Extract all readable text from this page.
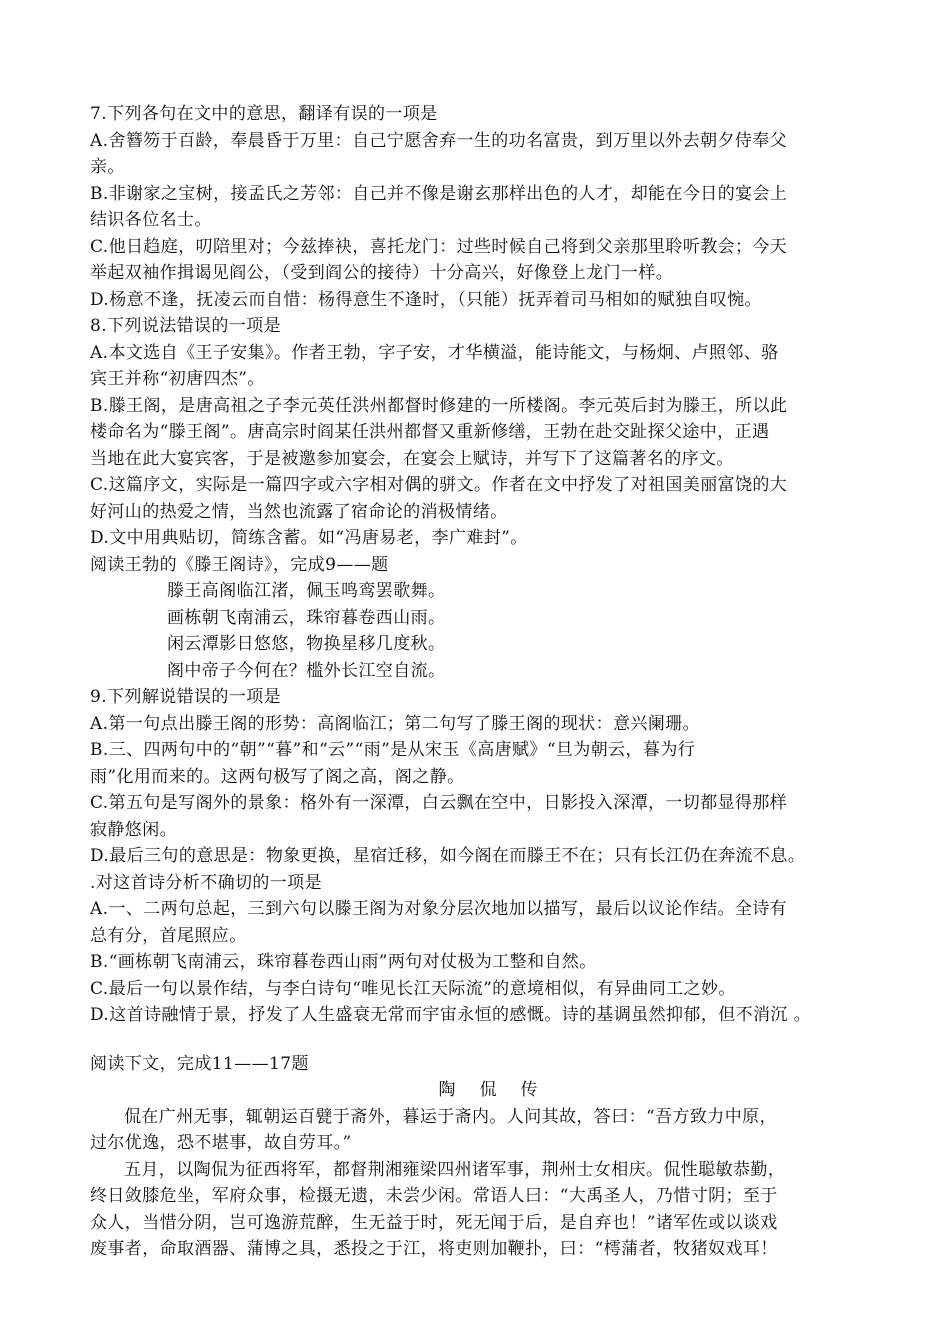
7.下列各句在文中的意思，翻译有误的一项是
A.舍簪笏于百龄，奉晨昏于万里：自己宁愿舍弃一生的功名富贵，到万里以外去朝夕侍奉父
亲。
B.非谢家之宝树，接孟氏之芳邻：自己并不像是谢玄那样出色的人才，却能在今日的宴会上
结识各位名士。
C.他日趋庭，叨陪里对；今兹捧袂，喜托龙门：过些时候自己将到父亲那里聆听教会；今天
举起双袖作揖谒见阎公，（受到阎公的接待）十分高兴，好像登上龙门一样。
D.杨意不逢，抚凌云而自惜：杨得意生不逢时，（只能）抚弄着司马相如的赋独自叹惋。
8.下列说法错误的一项是
A.本文选自《王子安集》。作者王勃，字子安，才华横溢，能诗能文，与杨炯、卢照邻、骆
宾王并称“初唐四杰”。
B.滕王阁，是唐高祖之子李元英任洪州都督时修建的一所楼阁。李元英后封为滕王，所以此
楼命名为“滕王阁”。唐高宗时阎某任洪州都督又重新修缮，王勃在赴交趾探父途中，正遇
当地在此大宴宾客，于是被邀参加宴会，在宴会上赋诗，并写下了这篇著名的序文。
C.这篇序文，实际是一篇四字或六字相对偶的骈文。作者在文中抒发了对祖国美丽富饶的大
好河山的热爱之情，当然也流露了宿命论的消极情绪。
D.文中用典贴切，简练含蓄。如“冯唐易老，李广难封”。
阅读王勃的《滕王阁诗》，完成9——题
滕王高阁临江渚，佩玉鸣鸾罢歌舞。
画栋朝飞南浦云，珠帘暮卷西山雨。
闲云潭影日悠悠，物换星移几度秋。
阁中帝子今何在？槛外长江空自流。
9.下列解说错误的一项是
A.第一句点出滕王阁的形势：高阁临江；第二句写了滕王阁的现状：意兴阑珊。
B.三、四两句中的“朝”“暮”和“云”“雨”是从宋玉《高唐赋》“旦为朝云，暮为行
雨”化用而来的。这两句极写了阁之高，阁之静。
C.第五句是写阁外的景象：格外有一深潭，白云飘在空中，日影投入深潭，一切都显得那样
寂静悠闲。
D.最后三句的意思是：物象更换，星宿迁移，如今阁在而滕王不在；只有长江仍在奔流不息。
.对这首诗分析不确切的一项是
A.一、二两句总起，三到六句以滕王阁为对象分层次地加以描写，最后以议论作结。全诗有
总有分，首尾照应。
B.“画栋朝飞南浦云，珠帘暮卷西山雨”两句对仗极为工整和自然。
C.最后一句以景作结，与李白诗句“唯见长江天际流”的意境相似，有异曲同工之妙。
D.这首诗融情于景，抒发了人生盛衰无常而宇宙永恒的感慨。诗的基调虽然抑郁，但不消沉 。
阅读下文，完成11——17题
陶侃传
侃在广州无事，辄朝运百甓于斋外，暮运于斋内。人问其故，答曰：“吾方致力中原，
过尔优逸，恐不堪事，故自劳耳。”
五月，以陶侃为征西将军，都督荆湘雍梁四州诸军事，荆州士女相庆。侃性聪敏恭勤，
终日敛膝危坐，军府众事，检摄无遗，未尝少闲。常语人曰：“大禹圣人，乃惜寸阴；至于
众人，当惜分阴，岂可逸游荒醉，生无益于时，死无闻于后，是自弃也！”诸军佐或以谈戏
废事者，命取酒器、蒲博之具，悉投之于江，将吏则加鞭扑，曰：“樗蒲者，牧猪奴戏耳！
